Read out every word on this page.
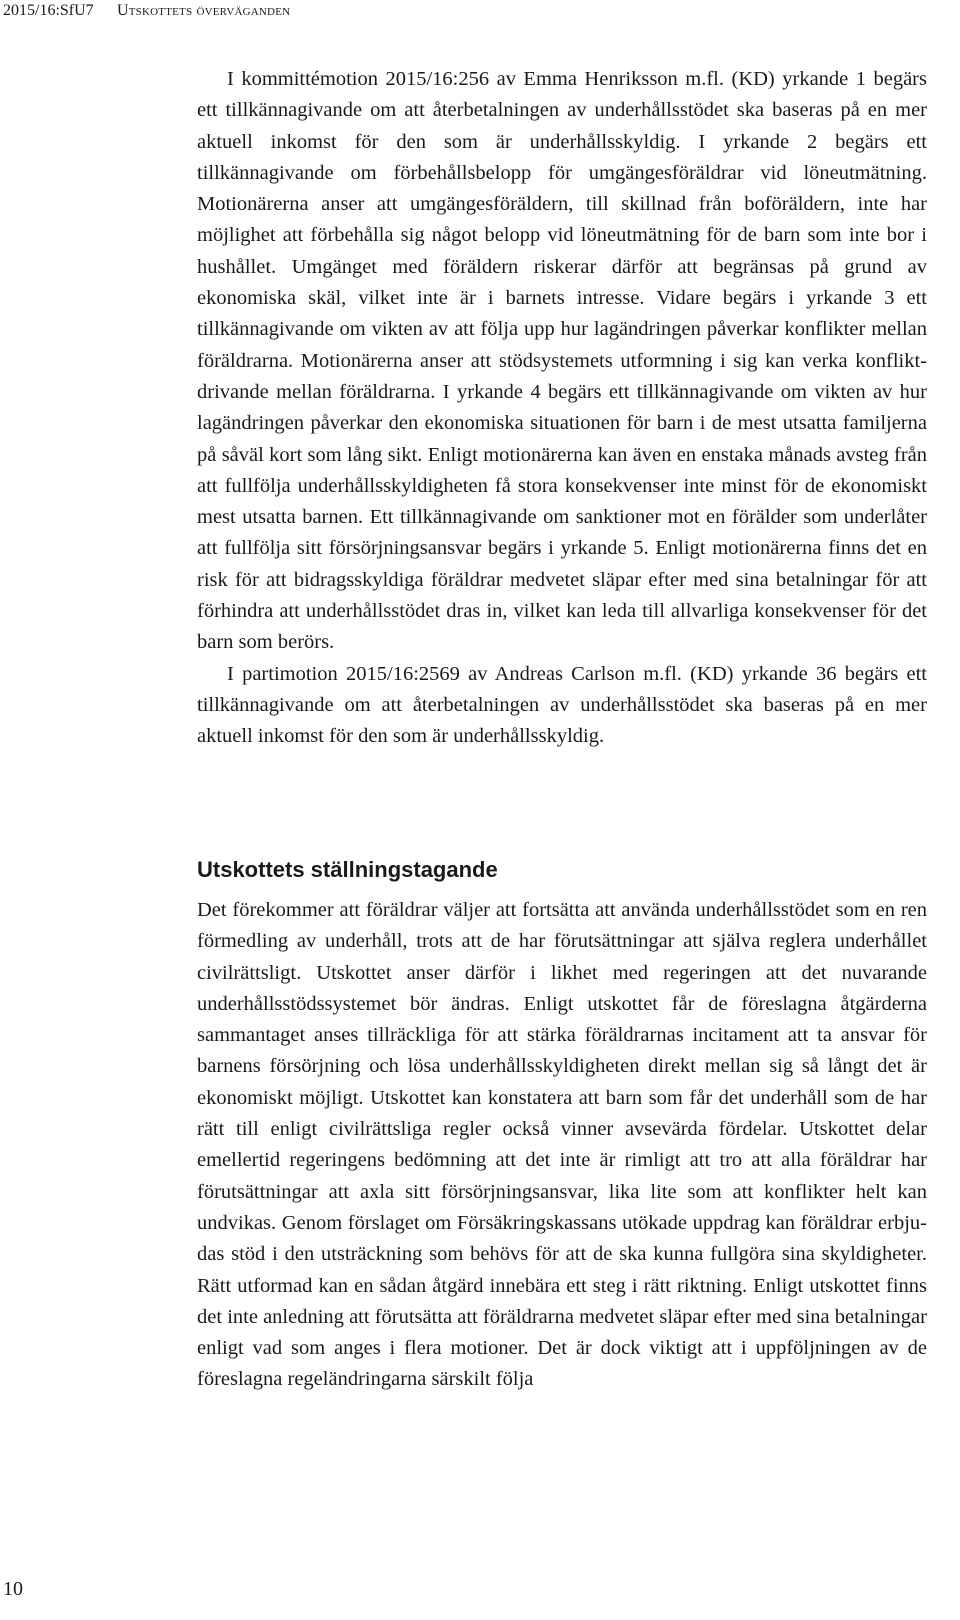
2015/16:SfU7 Utskottets överväganden

I kommittémotion 2015/16:256 av Emma Henriksson m.fl. (KD) yrkande 1 begärs ett tillkännagivande om att återbetalningen av underhållsstödet ska baseras på en mer aktuell inkomst för den som är underhållsskyldig. I yrkande 2 begärs ett tillkännagivande om förbehållsbelopp för umgängesföräldrar vid löneutmätning. Motionärerna anser att umgängesföräldern, till skillnad från boföräldern, inte har möjlighet att förbehålla sig något belopp vid löneutmätning för de barn som inte bor i hushållet. Umgänget med föräldern riskerar därför att begränsas på grund av ekonomiska skäl, vilket inte är i barnets intresse. Vidare begärs i yrkande 3 ett tillkännagivande om vikten av att följa upp hur lagändringen påverkar konflikter mellan föräldrarna. Motionärerna anser att stödsystemets utformning i sig kan verka konfliktdrivande mellan föräldrarna. I yrkande 4 begärs ett tillkännagivande om vikten av hur lagändringen påverkar den ekonomiska situationen för barn i de mest utsatta familjerna på såväl kort som lång sikt. Enligt motionärerna kan även en enstaka månads avsteg från att fullfölja underhållsskyldigheten få stora konsekvenser inte minst för de ekonomiskt mest utsatta barnen. Ett tillkännagivande om sanktioner mot en förälder som underlåter att fullfölja sitt försörjningsansvar begärs i yrkande 5. Enligt motionärerna finns det en risk för att bidragsskyldiga föräldrar medvetet släpar efter med sina betalningar för att förhindra att underhållsstödet dras in, vilket kan leda till allvarliga konsekvenser för det barn som berörs.

I partimotion 2015/16:2569 av Andreas Carlson m.fl. (KD) yrkande 36 begärs ett tillkännagivande om att återbetalningen av underhållsstödet ska baseras på en mer aktuell inkomst för den som är underhållsskyldig.

Utskottets ställningstagande

Det förekommer att föräldrar väljer att fortsätta att använda underhållsstödet som en ren förmedling av underhåll, trots att de har förutsättningar att själva reglera underhållet civilrättsligt. Utskottet anser därför i likhet med regeringen att det nuvarande underhållsstödssystemet bör ändras. Enligt utskottet får de föreslagna åtgärderna sammantaget anses tillräckliga för att stärka föräldrarnas incitament att ta ansvar för barnens försörjning och lösa underhållsskyldigheten direkt mellan sig så långt det är ekonomiskt möjligt. Utskottet kan konstatera att barn som får det underhåll som de har rätt till enligt civilrättsliga regler också vinner avsevärda fördelar. Utskottet delar emellertid regeringens bedömning att det inte är rimligt att tro att alla föräldrar har förutsättningar att axla sitt försörjningsansvar, lika lite som att konflikter helt kan undvikas. Genom förslaget om Försäkringskassans utökade uppdrag kan föräldrar erbjudas stöd i den utsträckning som behövs för att de ska kunna fullgöra sina skyldigheter. Rätt utformad kan en sådan åtgärd innebära ett steg i rätt riktning. Enligt utskottet finns det inte anledning att förutsätta att föräldrarna medvetet släpar efter med sina betalningar enligt vad som anges i flera motioner. Det är dock viktigt att i uppföljningen av de föreslagna regeländringarna särskilt följa

10
